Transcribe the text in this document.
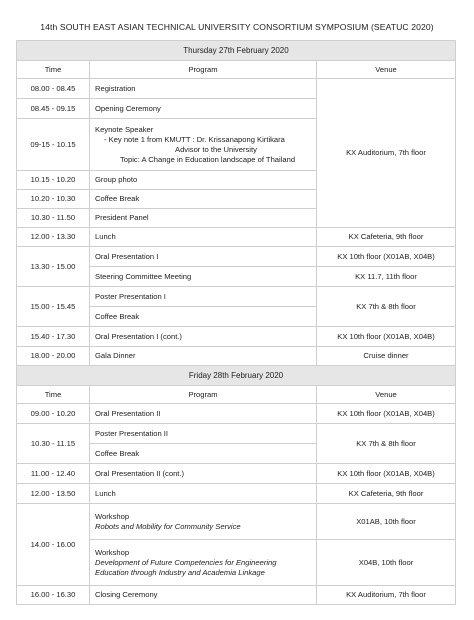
14th SOUTH EAST ASIAN TECHNICAL UNIVERSITY CONSORTIUM SYMPOSIUM (SEATUC 2020)
Thursday 27th February 2020		
Time	Program	Venue
08.00 - 08.45	Registration	KX Auditorium, 7th floor
08.45 - 09.15	Opening Ceremony	
09-15 - 10.15	Keynote Speaker
- Key note 1 from KMUTT : Dr. Krissanapong Kirtikara
Advisor to the University
Topic: A Change in Education landscape of Thailand	

10.15 - 10.20	Group photo	
10.20 - 10.30	Coffee Break	
10.30 - 11.50	President Panel	
12.00 - 13.30	Lunch	KX Cafeteria, 9th floor
13.30 - 15.00	Oral Presentation I	KX 10th floor (X01AB, X04B)
	Steering Committee Meeting	KX 11.7, 11th floor
15.00 - 15.45	Poster Presentation I	KX 7th & 8th floor
	Coffee Break	
15.40 - 17.30	Oral Presentation I (cont.)	KX 10th floor (X01AB, X04B)
18.00 - 20.00	Gala Dinner	Cruise dinner
Friday 28th February 2020		
Time	Program	Venue
09.00 - 10.20	Oral Presentation II	KX 10th floor (X01AB, X04B)
10.30 - 11.15	Poster Presentation II	KX 7th & 8th floor
	Coffee Break	
11.00 - 12.40	Oral Presentation II (cont.)	KX 10th floor (X01AB, X04B)
12.00 - 13.50	Lunch	KX Cafeteria, 9th floor
14.00 - 16.00	Workshop
Robots and Mobility for Community Service	X01AB, 10th floor

	Workshop
Development of Future Competencies for Engineering
Education through Industry and Academia Linkage	X04B, 10th floor
16.00 - 16.30	Closing Ceremony	KX Auditorium, 7th floor
